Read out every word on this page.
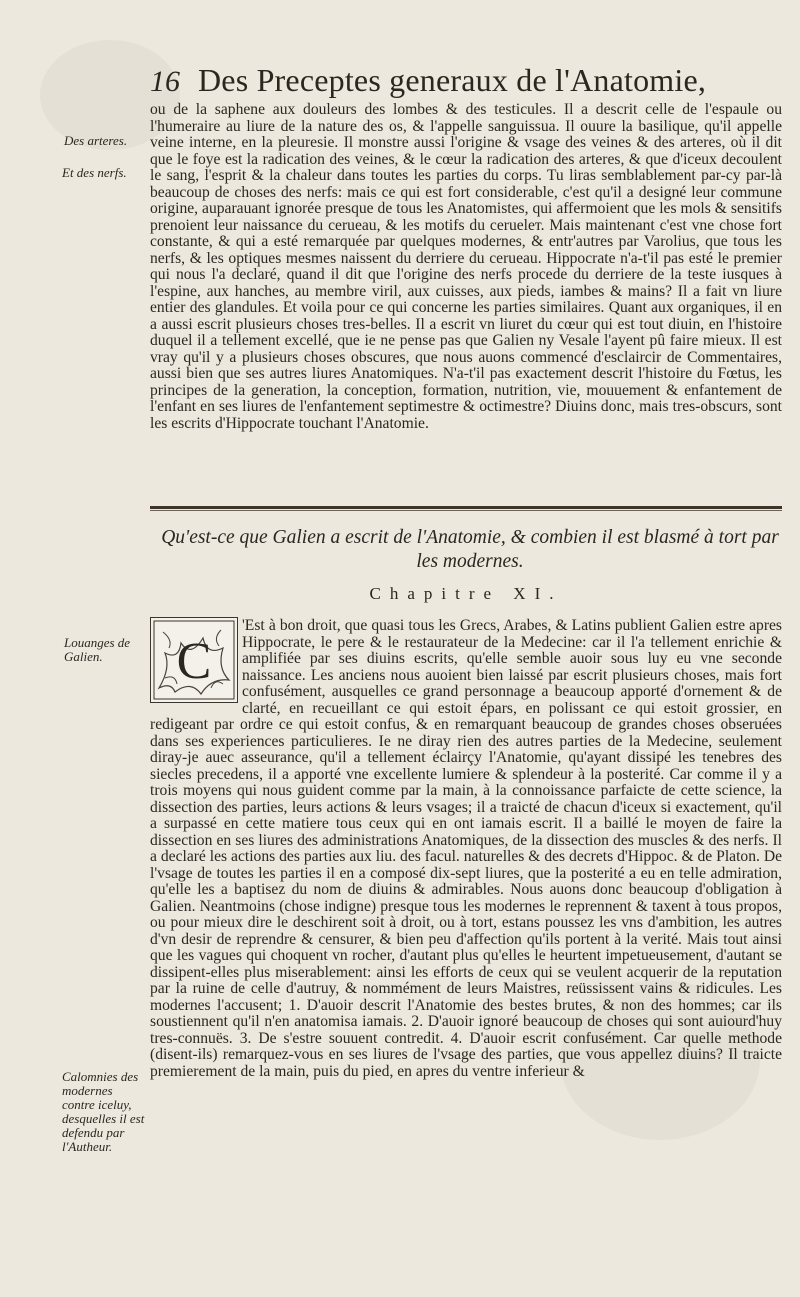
16 Des Preceptes generaux de l'Anatomie,
Des arteres.
Et des nerfs.

ou de la saphene aux douleurs des lombes & des testicules. Il a descrit celle de l'espaule ou l'humeraire au liure de la nature des os, & l'appelle sanguissua. Il ouure la basilique, qu'il appelle veine interne, en la pleuresie. Il monstre aussi l'origine & vsage des veines & des arteres, où il dit que le foye est la radication des veines, & le cœur la radication des arteres, & que d'iceux decoulent le sang, l'esprit & la chaleur dans toutes les parties du corps. Tu liras semblablement par-cy par-là beaucoup de choses des nerfs: mais ce qui est fort considerable, c'est qu'il a designé leur commune origine, auparauant ignorée presque de tous les Anatomistes, qui affermoient que les mols & sensitifs prenoient leur naissance du cerueau, & les motifs du cerueleт. Mais maintenant c'est vne chose fort constante, & qui a esté remarquée par quelques modernes, & entr'autres par Varolius, que tous les nerfs, & les optiques mesmes naissent du derriere du cerueau. Hippocrate n'a-t'il pas esté le premier qui nous l'a declaré, quand il dit que l'origine des nerfs procede du derriere de la teste iusques à l'espine, aux hanches, au membre viril, aux cuisses, aux pieds, iambes & mains? Il a fait vn liure entier des glandules. Et voila pour ce qui concerne les parties similaires. Quant aux organiques, il en a aussi escrit plusieurs choses tres-belles. Il a escrit vn liuret du cœur qui est tout diuin, en l'histoire duquel il a tellement excellé, que ie ne pense pas que Galien ny Vesale l'ayent pû faire mieux. Il est vray qu'il y a plusieurs choses obscures, que nous auons commencé d'esclaircir de Commentaires, aussi bien que ses autres liures Anatomiques. N'a-t'il pas exactement descrit l'histoire du Fœtus, les principes de la generation, la conception, formation, nutrition, vie, mouuement & enfantement de l'enfant en ses liures de l'enfantement septimestre & octimestre? Diuins donc, mais tres-obscurs, sont les escrits d'Hippocrate touchant l'Anatomie.

Qu'est-ce que Galien a escrit de l'Anatomie, & combien il est blasmé à tort par les modernes.
Chapitre XI.
Louanges de Galien.
Calomnies des modernes contre iceluy, desquelles il est defendu par l'Autheur.
C

'Est à bon droit, que quasi tous les Grecs, Arabes, & Latins publient Galien estre apres Hippocrate, le pere & le restaurateur de la Medecine: car il l'a tellement enrichie & amplifiée par ses diuins escrits, qu'elle semble auoir sous luy eu vne seconde naissance. Les anciens nous auoient bien laissé par escrit plusieurs choses, mais fort confusément, ausquelles ce grand personnage a beaucoup apporté d'ornement & de clarté, en recueillant ce qui estoit épars, en polissant ce qui estoit grossier, en redigeant par ordre ce qui estoit confus, & en remarquant beaucoup de grandes choses obseruées dans ses experiences particulieres. Ie ne diray rien des autres parties de la Medecine, seulement diray-je auec asseurance, qu'il a tellement éclairçy l'Anatomie, qu'ayant dissipé les tenebres des siecles precedens, il a apporté vne excellente lumiere & splendeur à la posterité. Car comme il y a trois moyens qui nous guident comme par la main, à la connoissance parfaicte de cette science, la dissection des parties, leurs actions & leurs vsages; il a traicté de chacun d'iceux si exactement, qu'il a surpassé en cette matiere tous ceux qui en ont iamais escrit. Il a baillé le moyen de faire la dissection en ses liures des administrations Anatomiques, de la dissection des muscles & des nerfs. Il a declaré les actions des parties aux liu. des facul. naturelles & des decrets d'Hippoc. & de Platon. De l'vsage de toutes les parties il en a composé dix-sept liures, que la posterité a eu en telle admiration, qu'elle les a baptisez du nom de diuins & admirables. Nous auons donc beaucoup d'obligation à Galien. Neantmoins (chose indigne) presque tous les modernes le reprennent & taxent à tous propos, ou pour mieux dire le deschirent soit à droit, ou à tort, estans poussez les vns d'ambition, les autres d'vn desir de reprendre & censurer, & bien peu d'affection qu'ils portent à la verité. Mais tout ainsi que les vagues qui choquent vn rocher, d'autant plus qu'elles le heurtent impetueusement, d'autant se dissipent-elles plus miserablement: ainsi les efforts de ceux qui se veulent acquerir de la reputation par la ruine de celle d'autruy, & nommément de leurs Maistres, reüssissent vains & ridicules. Les modernes l'accusent; 1. D'auoir descrit l'Anatomie des bestes brutes, & non des hommes; car ils soustiennent qu'il n'en anatomisa iamais. 2. D'auoir ignoré beaucoup de choses qui sont auiourd'huy tres-connuës. 3. De s'estre souuent contredit. 4. D'auoir escrit confusément. Car quelle methode (disent-ils) remarquez-vous en ses liures de l'vsage des parties, que vous appellez diuins? Il traicte premierement de la main, puis du pied, en apres du ventre inferieur &
